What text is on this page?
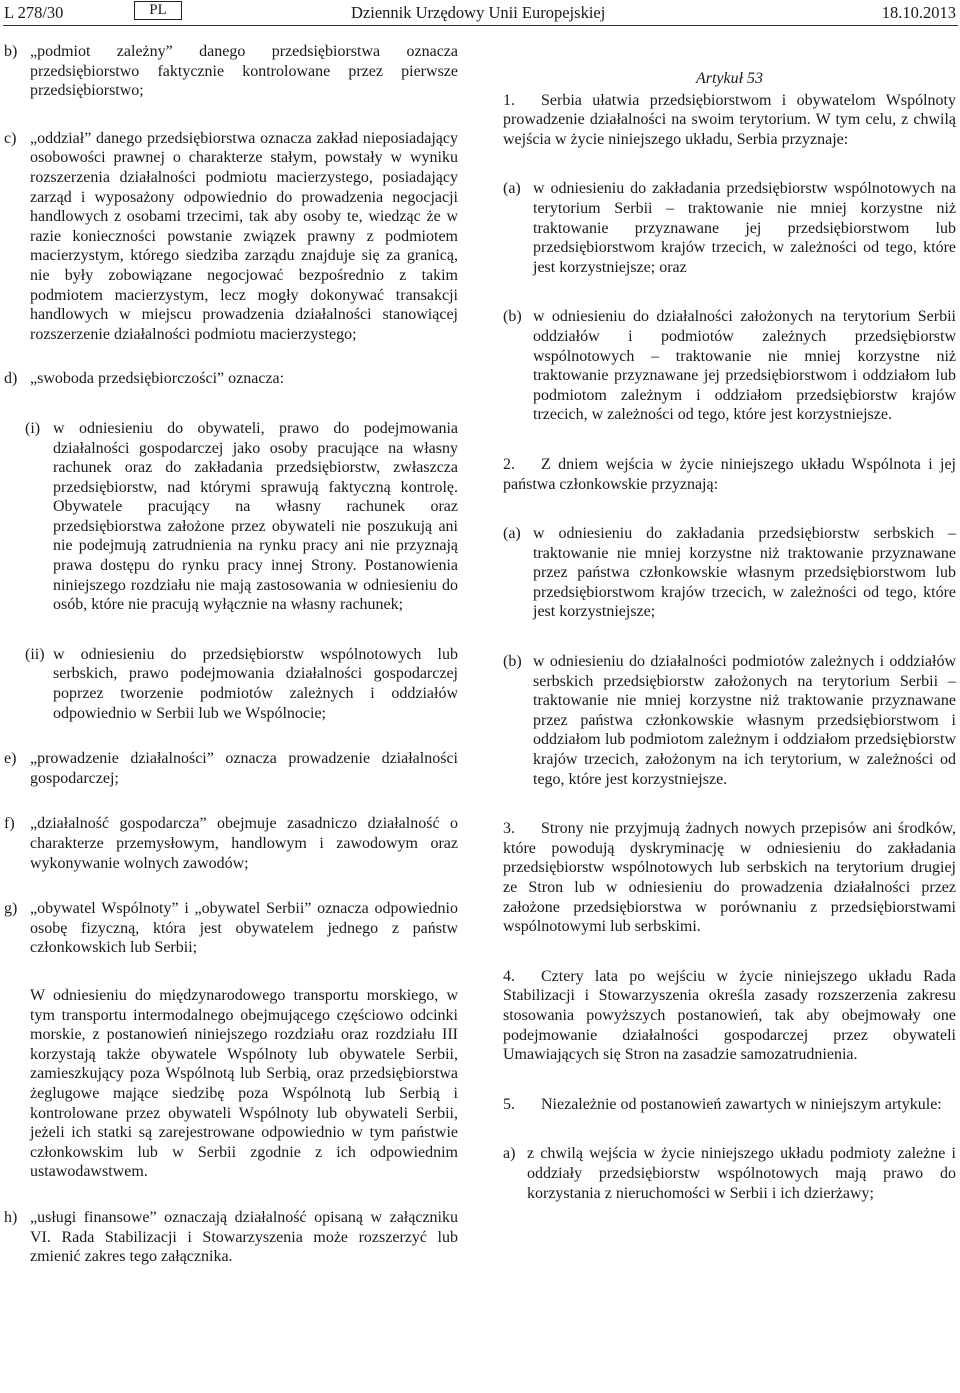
L 278/30	PL	Dziennik Urzędowy Unii Europejskiej	18.10.2013
b) „podmiot zależny” danego przedsiębiorstwa oznacza przedsiębiorstwo faktycznie kontrolowane przez pierwsze przedsiębiorstwo;

c) „oddział” danego przedsiębiorstwa oznacza zakład nieposiadający osobowości prawnej o charakterze stałym, powstały w wyniku rozszerzenia działalności podmiotu macierzystego, posiadający zarząd i wyposażony odpowiednio do prowadzenia negocjacji handlowych z osobami trzecimi, tak aby osoby te, wiedząc że w razie konieczności powstanie związek prawny z podmiotem macierzystym, którego siedziba zarządu znajduje się za granicą, nie były zobowiązane negocjować bezpośrednio z takim podmiotem macierzystym, lecz mogły dokonywać transakcji handlowych w miejscu prowadzenia działalności stanowiącej rozszerzenie działalności podmiotu macierzystego;

d) „swoboda przedsiębiorczości” oznacza:

(i) w odniesieniu do obywateli, prawo do podejmowania działalności gospodarczej jako osoby pracujące na własny rachunek oraz do zakładania przedsiębiorstw, zwłaszcza przedsiębiorstw, nad którymi sprawują faktyczną kontrolę. Obywatele pracujący na własny rachunek oraz przedsiębiorstwa założone przez obywateli nie poszukują ani nie podejmują zatrudnienia na rynku pracy ani nie przyznają prawa dostępu do rynku pracy innej Strony. Postanowienia niniejszego rozdziału nie mają zastosowania w odniesieniu do osób, które nie pracują wyłącznie na własny rachunek;

(ii) w odniesieniu do przedsiębiorstw wspólnotowych lub serbskich, prawo podejmowania działalności gospodarczej poprzez tworzenie podmiotów zależnych i oddziałów odpowiednio w Serbii lub we Wspólnocie;

e) „prowadzenie działalności” oznacza prowadzenie działalności gospodarczej;

f) „działalność gospodarcza” obejmuje zasadniczo działalność o charakterze przemysłowym, handlowym i zawodowym oraz wykonywanie wolnych zawodów;

g) „obywatel Wspólnoty” i „obywatel Serbii” oznacza odpowiednio osobę fizyczną, która jest obywatelem jednego z państw członkowskich lub Serbii;

W odniesieniu do międzynarodowego transportu morskiego, w tym transportu intermodalnego obejmującego częściowo odcinki morskie, z postanowień niniejszego rozdziału oraz rozdziału III korzystają także obywatele Wspólnoty lub obywatele Serbii, zamieszkujący poza Wspólnotą lub Serbią, oraz przedsiębiorstwa żeglugowe mające siedzibę poza Wspólnotą lub Serbią i kontrolowane przez obywateli Wspólnoty lub obywateli Serbii, jeżeli ich statki są zarejestrowane odpowiednio w tym państwie członkowskim lub w Serbii zgodnie z ich odpowiednim ustawodawstwem.

h) „usługi finansowe” oznaczają działalność opisaną w załączniku VI. Rada Stabilizacji i Stowarzyszenia może rozszerzyć lub zmienić zakres tego załącznika.

Artykuł 53

1. Serbia ułatwia przedsiębiorstwom i obywatelom Wspólnoty prowadzenie działalności na swoim terytorium. W tym celu, z chwilą wejścia w życie niniejszego układu, Serbia przyznaje:

(a) w odniesieniu do zakładania przedsiębiorstw wspólnotowych na terytorium Serbii – traktowanie nie mniej korzystne niż traktowanie przyznawane jej przedsiębiorstwom lub przedsiębiorstwom krajów trzecich, w zależności od tego, które jest korzystniejsze; oraz

(b) w odniesieniu do działalności założonych na terytorium Serbii oddziałów i podmiotów zależnych przedsiębiorstw wspólnotowych – traktowanie nie mniej korzystne niż traktowanie przyznawane jej przedsiębiorstwom i oddziałom lub podmiotom zależnym i oddziałom przedsiębiorstw krajów trzecich, w zależności od tego, które jest korzystniejsze.

2. Z dniem wejścia w życie niniejszego układu Wspólnota i jej państwa członkowskie przyznają:

(a) w odniesieniu do zakładania przedsiębiorstw serbskich – traktowanie nie mniej korzystne niż traktowanie przyznawane przez państwa członkowskie własnym przedsiębiorstwom lub przedsiębiorstwom krajów trzecich, w zależności od tego, które jest korzystniejsze;

(b) w odniesieniu do działalności podmiotów zależnych i oddziałów serbskich przedsiębiorstw założonych na terytorium Serbii – traktowanie nie mniej korzystne niż traktowanie przyznawane przez państwa członkowskie własnym przedsiębiorstwom i oddziałom lub podmiotom zależnym i oddziałom przedsiębiorstw krajów trzecich, założonym na ich terytorium, w zależności od tego, które jest korzystniejsze.

3. Strony nie przyjmują żadnych nowych przepisów ani środków, które powodują dyskryminację w odniesieniu do zakładania przedsiębiorstw wspólnotowych lub serbskich na terytorium drugiej ze Stron lub w odniesieniu do prowadzenia działalności przez założone przedsiębiorstwa w porównaniu z przedsiębiorstwami wspólnotowymi lub serbskimi.

4. Cztery lata po wejściu w życie niniejszego układu Rada Stabilizacji i Stowarzyszenia określa zasady rozszerzenia zakresu stosowania powyższych postanowień, tak aby obejmowały one podejmowanie działalności gospodarczej przez obywateli Umawiających się Stron na zasadzie samozatrudnienia.

5. Niezależnie od postanowień zawartych w niniejszym artykule:

a) z chwilą wejścia w życie niniejszego układu podmioty zależne i oddziały przedsiębiorstw wspólnotowych mają prawo do korzystania z nieruchomości w Serbii i ich dzierżawy;
